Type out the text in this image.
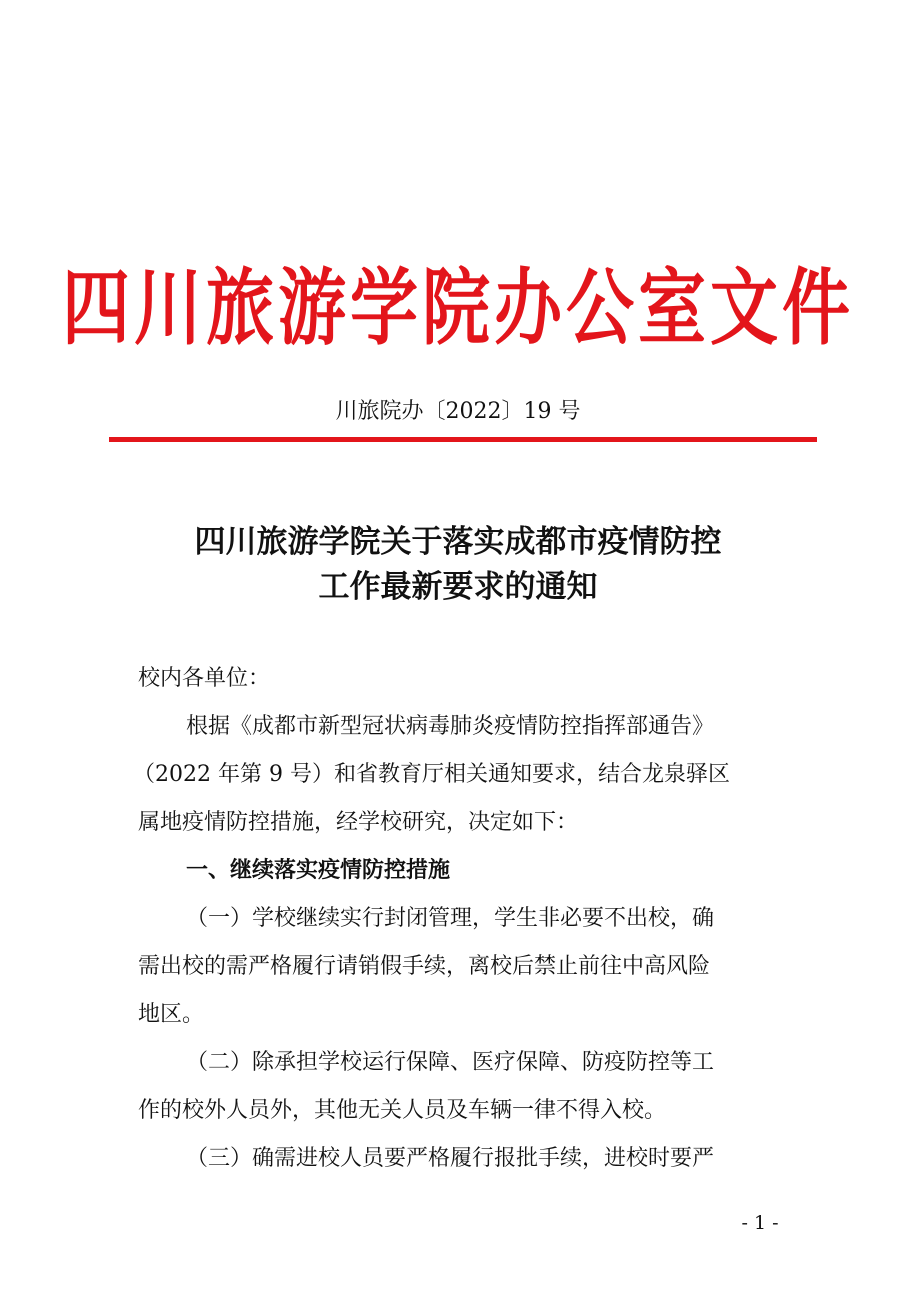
四川旅游学院办公室文件
川旅院办〔2022〕19 号
四川旅游学院关于落实成都市疫情防控
工作最新要求的通知
校内各单位：
根据《成都市新型冠状病毒肺炎疫情防控指挥部通告》
（2022 年第 9 号）和省教育厅相关通知要求，结合龙泉驿区
属地疫情防控措施，经学校研究，决定如下：
一、继续落实疫情防控措施
（一）学校继续实行封闭管理，学生非必要不出校，确
需出校的需严格履行请销假手续，离校后禁止前往中高风险
地区。
（二）除承担学校运行保障、医疗保障、防疫防控等工
作的校外人员外，其他无关人员及车辆一律不得入校。
（三）确需进校人员要严格履行报批手续，进校时要严
- 1 -
